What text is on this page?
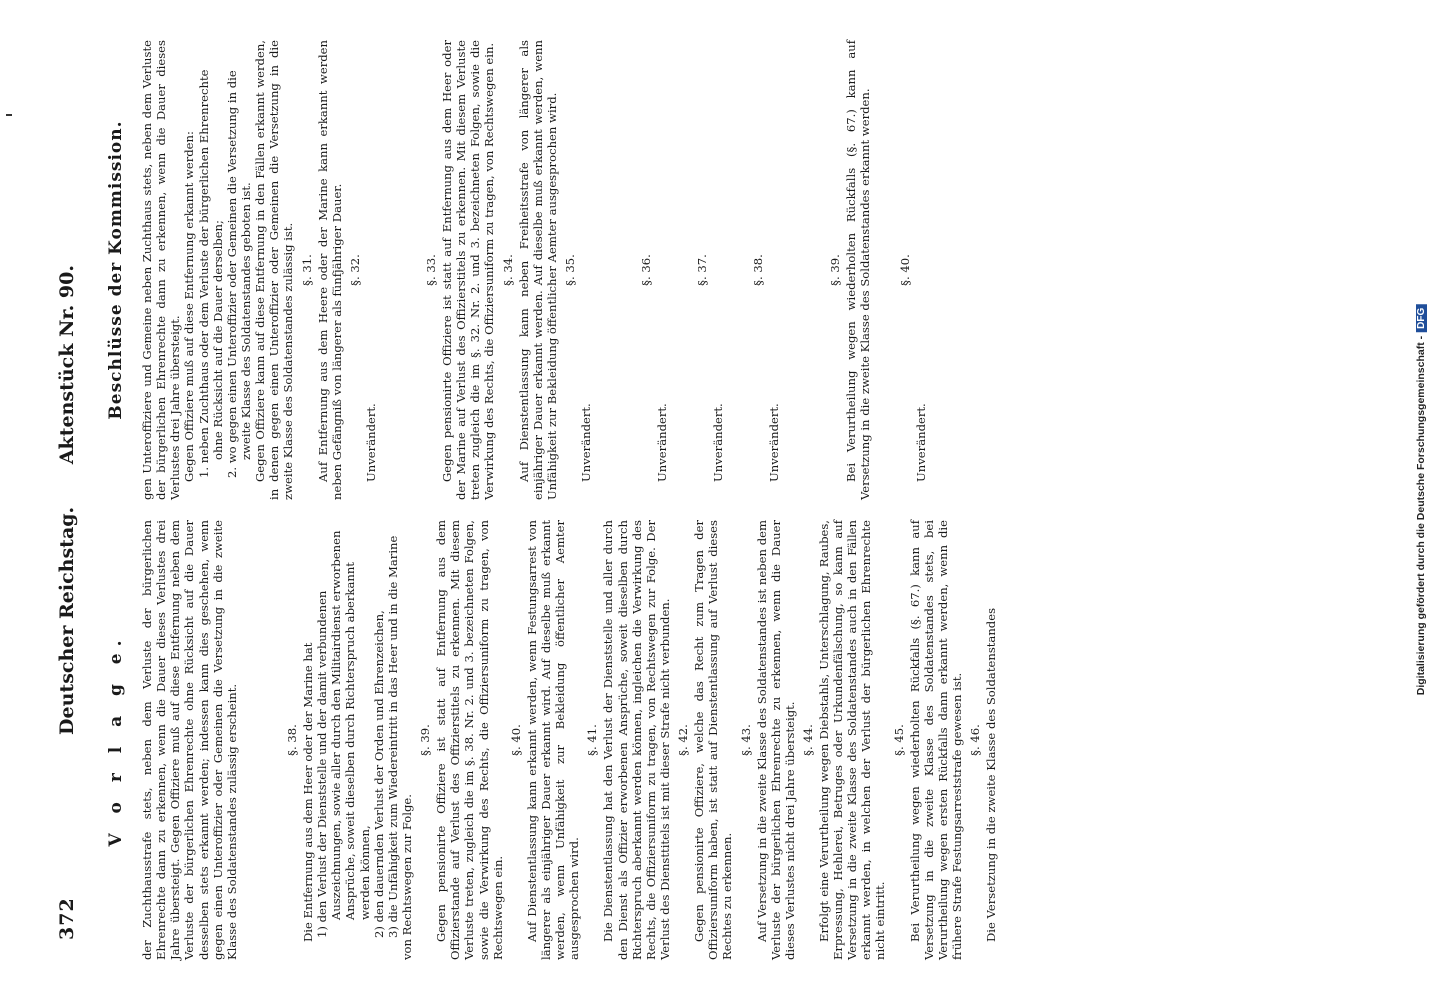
372
Deutscher Reichstag. Aktenstück Nr. 90.
V o r l a g e. der Zuchthausstrafe stets, neben dem Verluste der bürgerlichen Ehrenrechte dann zu erkennen, wenn die Dauer dieses Verlustes drei Jahre übersteigt. Gegen Offiziere muß auf diese Entfernung neben dem Verluste der bürgerlichen Ehrenrechte ohne Rücksicht auf die Dauer desselben stets erkannt werden; indessen kann dies geschehen, wenn gegen einen Unteroffizier oder Gemeinen die Versetzung in die zweite Klasse des Soldatenstandes zulässig erscheint.	§. 38. Die Entfernung aus dem Heer oder der Marine hat 1) den Verlust der Dienststelle und der damit verbundenen Auszeichnungen, sowie aller durch den Militairdienst erworbenen Ansprüche, soweit dieselben durch Richterspruch aberkannt werden können, 2) den dauernden Verlust der Orden und Ehrenzeichen, 3) die Unfähigkeit zum Wiedereintritt in das Heer und in die Marine von Rechtswegen zur Folge.

§. 39. Gegen pensionirte Offiziere ist statt auf Entfernung aus dem Offizierstande auf Verlust des Offizierstitels zu erkennen. Mit diesem Verluste treten, zugleich die im §. 38. Nr. 2. und 3. bezeichneten Folgen, sowie die Verwirkung des Rechts, die Offiziersuniform zu tragen, von Rechtswegen ein.

§. 40. Auf Dienstentlassung kann erkannt werden, wenn Festungsarrest von längerer als einjähriger Dauer erkannt wird. Auf dieselbe muß erkannt werden, wenn Unfähigkeit zur Bekleidung öffentlicher Aemter ausgesprochen wird.

§. 41. Die Dienstentlassung hat den Verlust der Dienststelle und aller durch den Dienst als Offizier erworbenen Ansprüche, soweit dieselben durch Richterspruch aberkannt werden können, ingleichen die Verwirkung des Rechts, die Offiziersuniform zu tragen, von Rechtswegen zur Folge. Der Verlust des Diensttitels ist mit dieser Strafe nicht verbunden. §. 42. Gegen pensionirte Offiziere, welche das Recht zum Tragen der Offiziersuniform haben, ist statt auf Dienstentlassung auf Verlust dieses Rechtes zu erkennen.

§. 43. Auf Versetzung in die zweite Klasse des Soldatenstandes ist neben dem Verluste der bürgerlichen Ehrenrechte zu erkennen, wenn die Dauer dieses Verlustes nicht drei Jahre übersteigt. §. 44. Erfolgt eine Verurtheilung wegen Diebstahls, Unterschlagung, Raubes, Erpressung, Hehlerei, Betruges oder Urkundenfälschung, so kann auf Versetzung in die zweite Klasse des Soldatenstandes auch in den Fällen erkannt werden, in welchen der Verlust der bürgerlichen Ehrenrechte nicht eintritt.

§. 45. Bei Verurtheilung wegen wiederholten Rückfalls (§. 67.) kann auf Versetzung in die zweite Klasse des Soldatenstandes stets, bei Verurtheilung wegen ersten Rückfalls dann erkannt werden, wenn die frühere Strafe Festungsarreststrafe gewesen ist. §. 46. Die Versetzung in die zweite Klasse des Soldatenstandes

Beschlüsse der Kommission. gen Unteroffiziere und Gemeine neben Zuchthaus stets, neben dem Verluste der bürgerlichen Ehrenrechte dann zu erkennen, wenn die Dauer dieses Verlustes drei Jahre übersteigt. Gegen Offiziere muß auf diese Entfernung erkannt werden: 1. neben Zuchthaus oder dem Verluste der bürgerlichen Ehrenrechte ohne Rücksicht auf die Dauer derselben; 2. wo gegen einen Unteroffizier oder Gemeinen die Versetzung in die zweite Klasse des Soldatenstandes geboten ist. Gegen Offiziere kann auf diese Entfernung in den Fällen erkannt werden, in denen gegen einen Unteroffizier oder Gemeinen die Versetzung in die zweite Klasse des Soldatenstandes zulässig ist. §. 31. Auf Entfernung aus dem Heere oder der Marine kann erkannt werden neben Gefängniß von längerer als fünfjähriger Dauer. §. 32.

Unverändert.

§. 33. Gegen pensionirte Offiziere ist statt auf Entfernung aus dem Heer oder der Marine auf Verlust des Offizierstitels zu erkennen. Mit diesem Verluste treten zugleich die im §. 32. Nr. 2. und 3. bezeichneten Folgen, sowie die Verwirkung des Rechts, die Offiziersuniform zu tragen, von Rechtswegen ein. §. 34. Auf Dienstentlassung kann neben Freiheitsstrafe von längerer als einjähriger Dauer erkannt werden. Auf dieselbe muß erkannt werden, wenn Unfähigkeit zur Bekleidung öffentlicher Aemter ausgesprochen wird. §. 35.

Unverändert.

§. 36.

Unverändert.

§. 37.

Unverändert.

§. 38.

Unverändert.

§. 39. Bei Verurtheilung wegen wiederholten Rückfalls (§. 67.) kann auf Versetzung in die zweite Klasse des Soldatenstandes erkannt werden. §. 40.

Unverändert.	Digitalisierung gefördert durch die Deutsche Forschungsgemeinschaft -DFG
